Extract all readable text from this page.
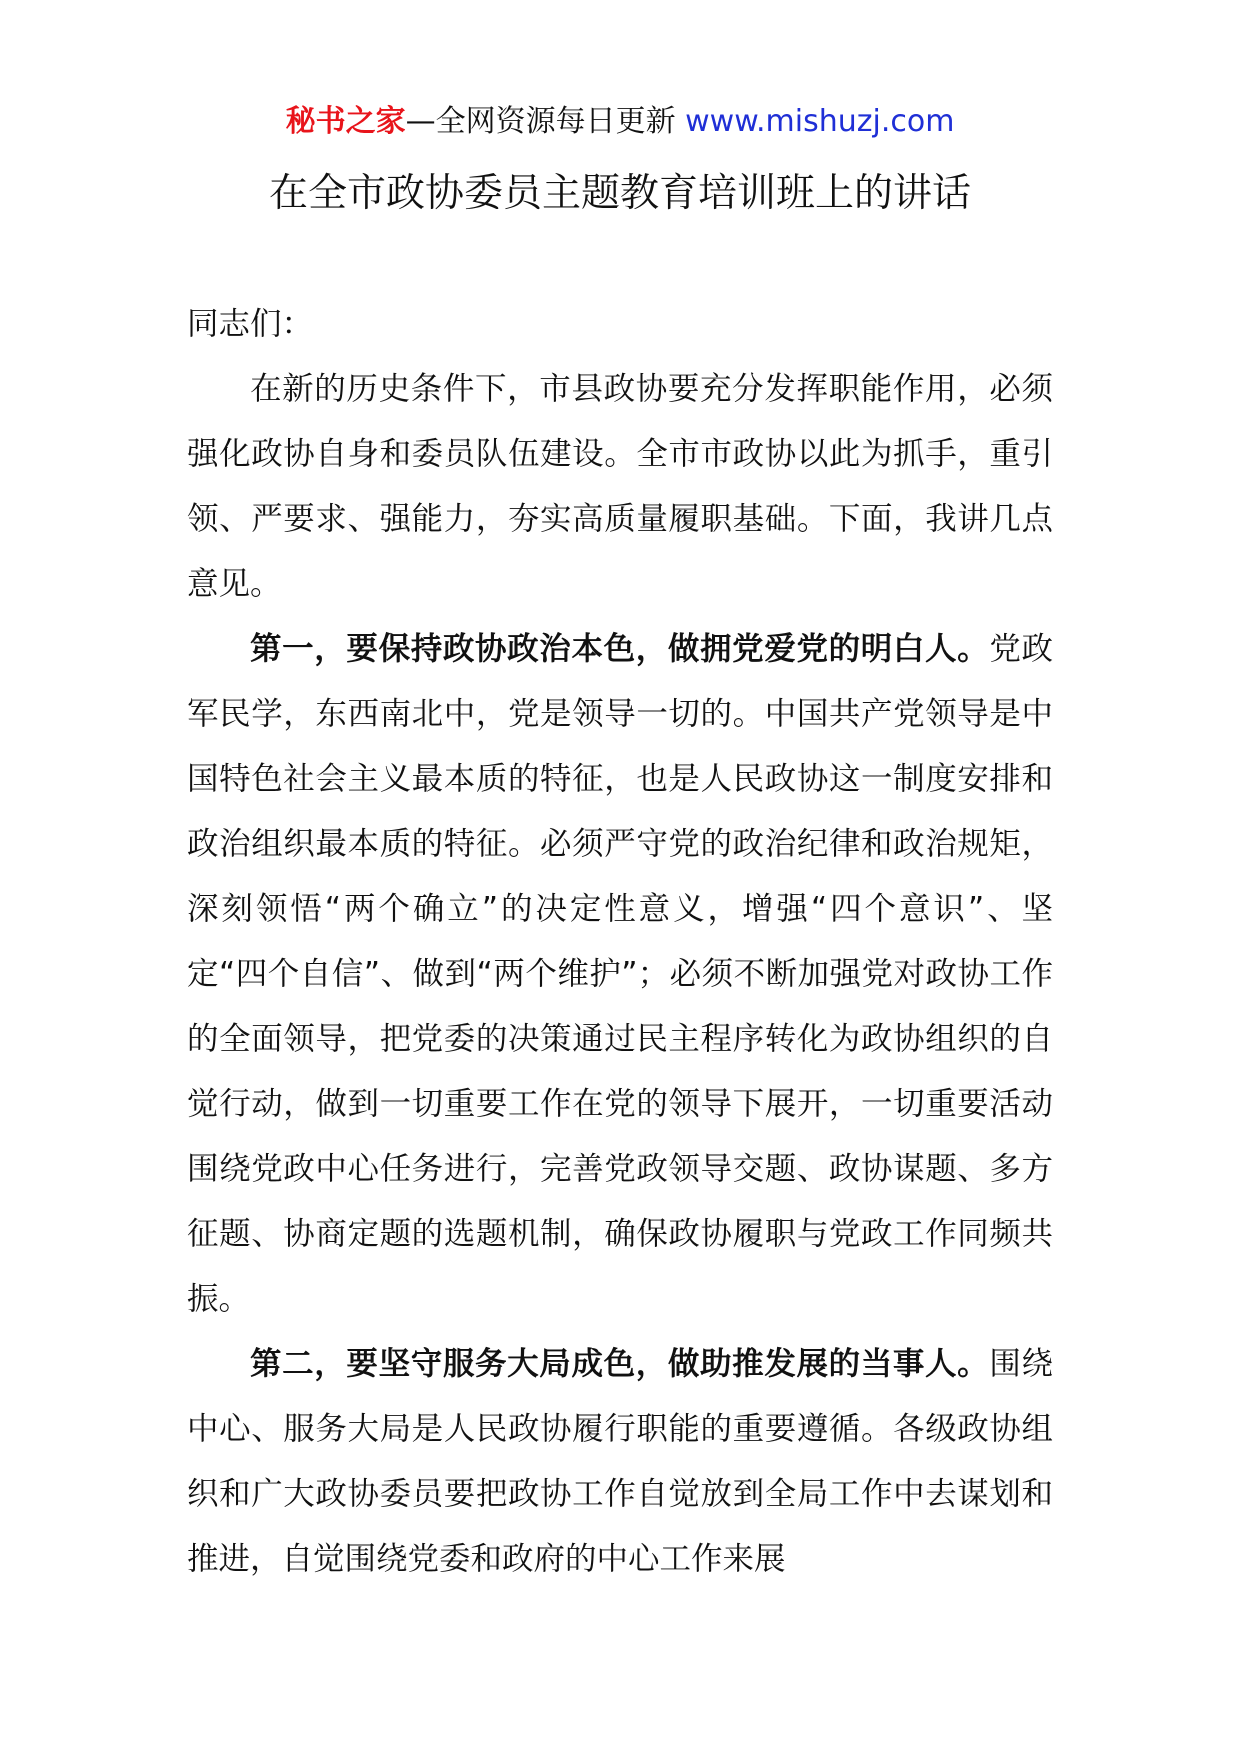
秘书之家—全网资源每日更新 www.mishuzj.com
在全市政协委员主题教育培训班上的讲话

同志们：

在新的历史条件下，市县政协要充分发挥职能作用，必须强化政协自身和委员队伍建设。全市市政协以此为抓手，重引领、严要求、强能力，夯实高质量履职基础。下面，我讲几点意见。

第一，要保持政协政治本色，做拥党爱党的明白人。党政军民学，东西南北中，党是领导一切的。中国共产党领导是中国特色社会主义最本质的特征，也是人民政协这一制度安排和政治组织最本质的特征。必须严守党的政治纪律和政治规矩，深刻领悟“两个确立”的决定性意义，增强“四个意识”、坚定“四个自信”、做到“两个维护”；必须不断加强党对政协工作的全面领导，把党委的决策通过民主程序转化为政协组织的自觉行动，做到一切重要工作在党的领导下展开，一切重要活动围绕党政中心任务进行，完善党政领导交题、政协谋题、多方征题、协商定题的选题机制，确保政协履职与党政工作同频共振。

第二，要坚守服务大局成色，做助推发展的当事人。围绕中心、服务大局是人民政协履行职能的重要遵循。各级政协组织和广大政协委员要把政协工作自觉放到全局工作中去谋划和推进，自觉围绕党委和政府的中心工作来展
